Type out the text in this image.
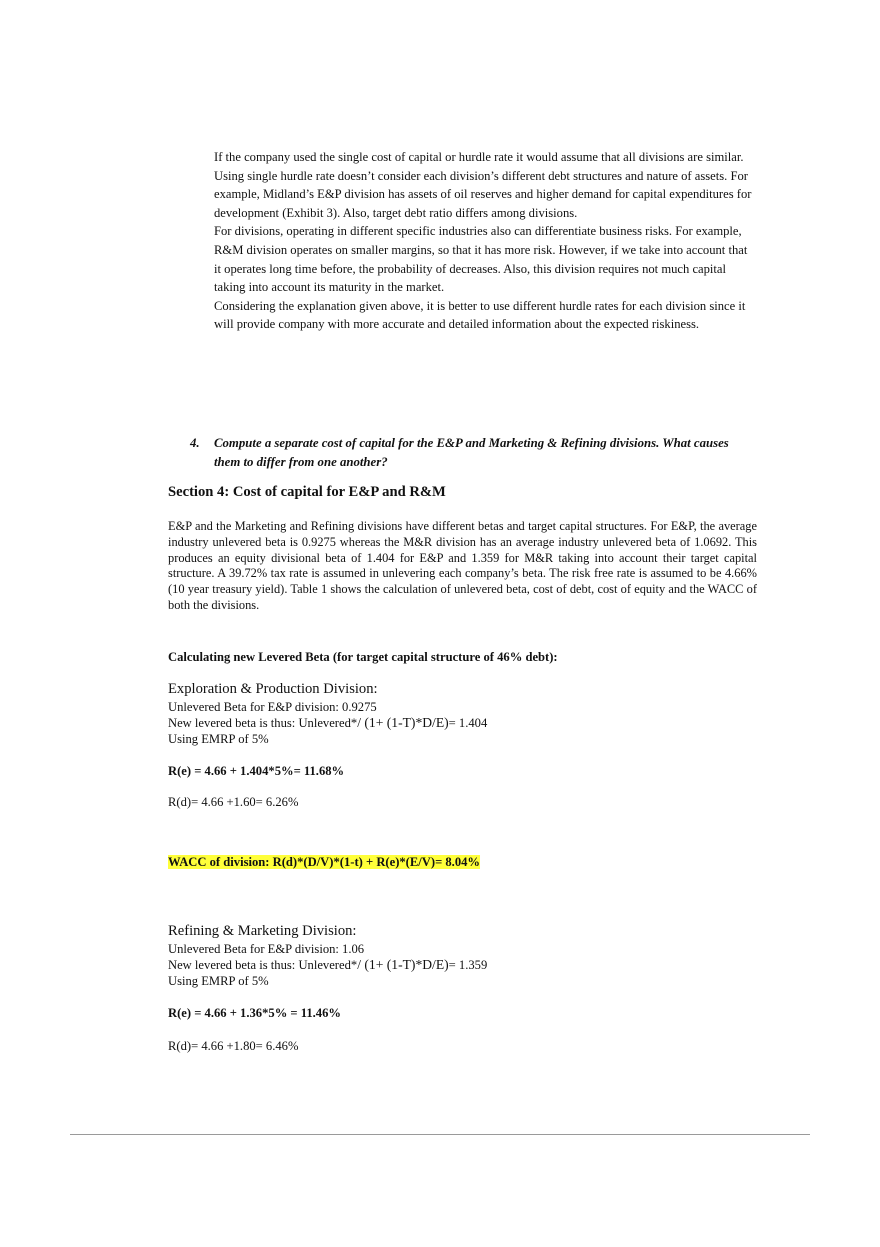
If the company used the single cost of capital or hurdle rate it would assume that all divisions are similar. Using single hurdle rate doesn’t consider each division’s different debt structures and nature of assets. For example, Midland’s E&P division has assets of oil reserves and higher demand for capital expenditures for development (Exhibit 3). Also, target debt ratio differs among divisions.

For divisions, operating in different specific industries also can differentiate business risks. For example, R&M division operates on smaller margins, so that it has more risk. However, if we take into account that it operates long time before, the probability of decreases. Also, this division requires not much capital taking into account its maturity in the market.

Considering the explanation given above, it is better to use different hurdle rates for each division since it will provide company with more accurate and detailed information about the expected riskiness.

4. Compute a separate cost of capital for the E&P and Marketing & Refining divisions. What causes them to differ from one another?
Section 4: Cost of capital for E&P and R&M
E&P and the Marketing and Refining divisions have different betas and target capital structures. For E&P, the average industry unlevered beta is 0.9275 whereas the M&R division has an average industry unlevered beta of 1.0692. This produces an equity divisional beta of 1.404 for E&P and 1.359 for M&R taking into account their target capital structure. A 39.72% tax rate is assumed in unlevering each company’s beta. The risk free rate is assumed to be 4.66% (10 year treasury yield). Table 1 shows the calculation of unlevered beta, cost of debt, cost of equity and the WACC of both the divisions.
Calculating new Levered Beta (for target capital structure of 46% debt):
Exploration & Production Division:
Unlevered Beta for E&P division: 0.9275
New levered beta is thus: Unlevered*/ (1+ (1-T)*D/E)= 1.404
Using EMRP of 5%
R(e) = 4.66 + 1.404*5%= 11.68%
R(d)= 4.66 +1.60= 6.26%
WACC of division: R(d)*(D/V)*(1-t) + R(e)*(E/V)= 8.04%
Refining & Marketing Division:
Unlevered Beta for E&P division: 1.06
New levered beta is thus: Unlevered*/ (1+ (1-T)*D/E)= 1.359
Using EMRP of 5%
R(e) = 4.66 + 1.36*5% = 11.46%
R(d)= 4.66 +1.80= 6.46%
